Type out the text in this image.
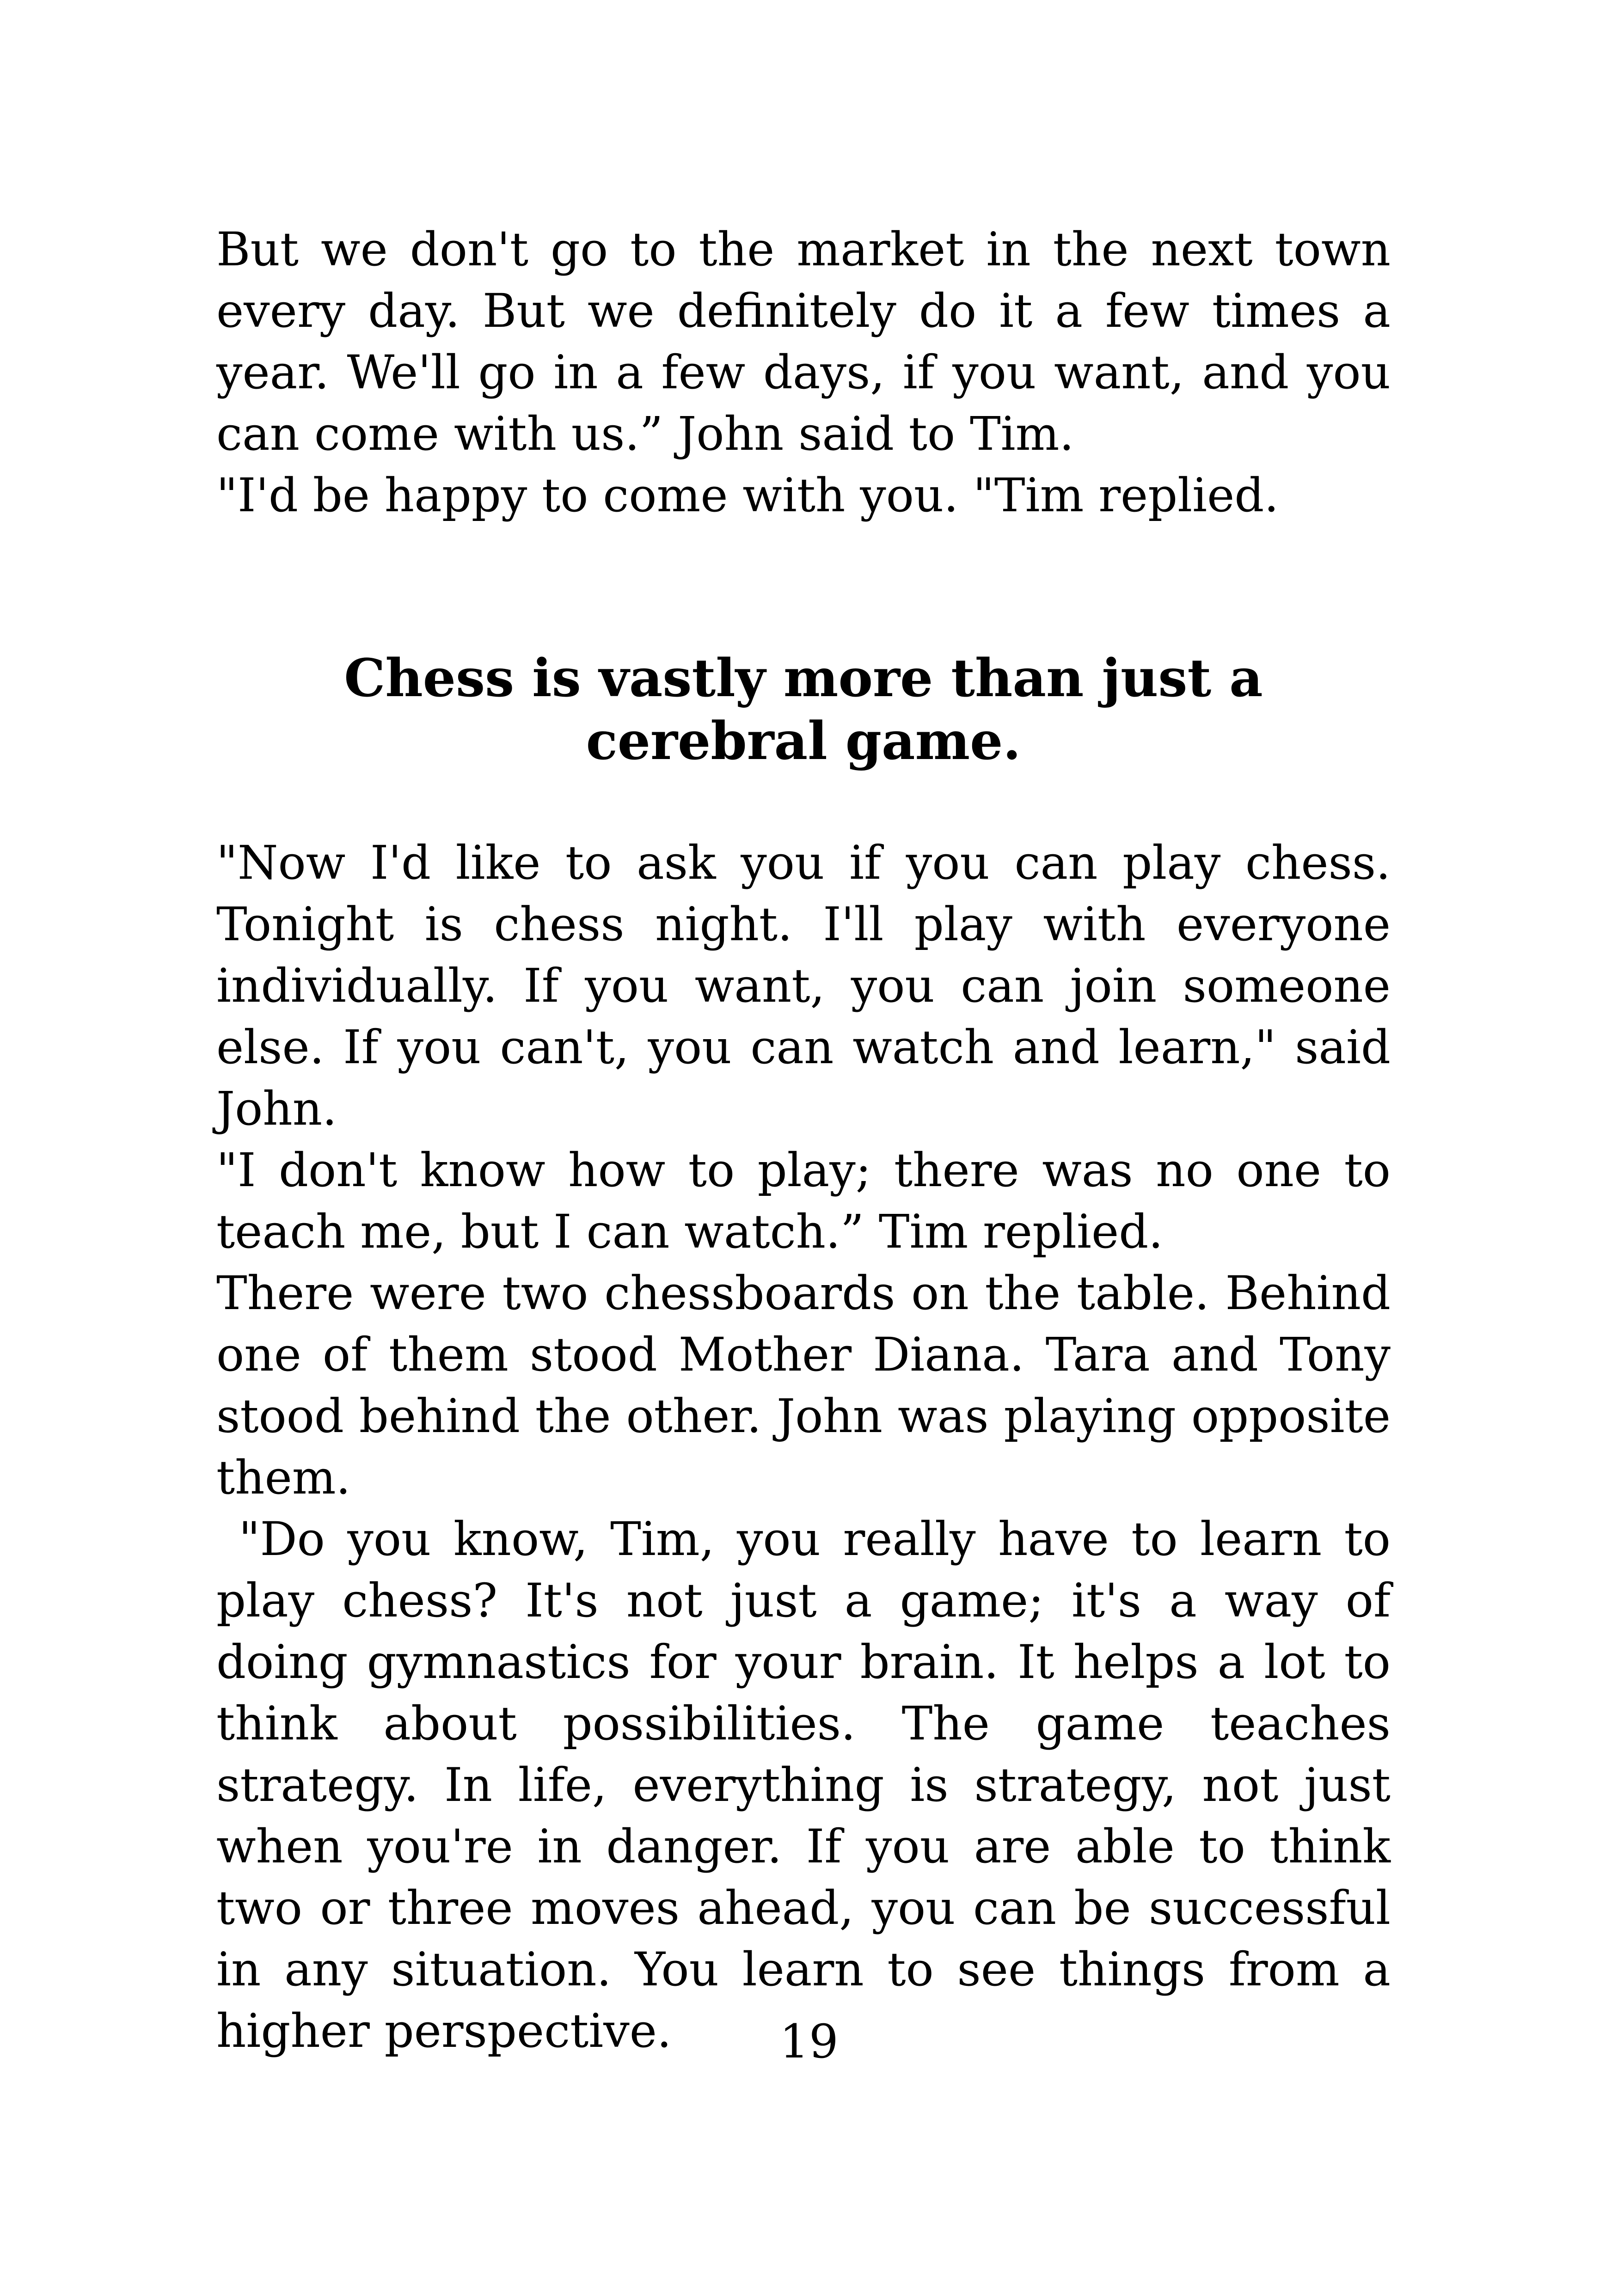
But we don't go to the market in the next town every day. But we definitely do it a few times a year. We'll go in a few days, if you want, and you can come with us.” John said to Tim.

"I'd be happy to come with you. "Tim replied.

Chess is vastly more than just a cerebral game.

"Now I'd like to ask you if you can play chess. Tonight is chess night. I'll play with everyone individually. If you want, you can join someone else. If you can't, you can watch and learn," said John.

"I don't know how to play; there was no one to teach me, but I can watch.” Tim replied.

There were two chessboards on the table. Behind one of them stood Mother Diana. Tara and Tony stood behind the other. John was playing opposite them.

"Do you know, Tim, you really have to learn to play chess? It's not just a game; it's a way of doing gymnastics for your brain. It helps a lot to think about possibilities. The game teaches strategy. In life, everything is strategy, not just when you're in danger. If you are able to think two or three moves ahead, you can be successful in any situation. You learn to see things from a higher perspective.	19
